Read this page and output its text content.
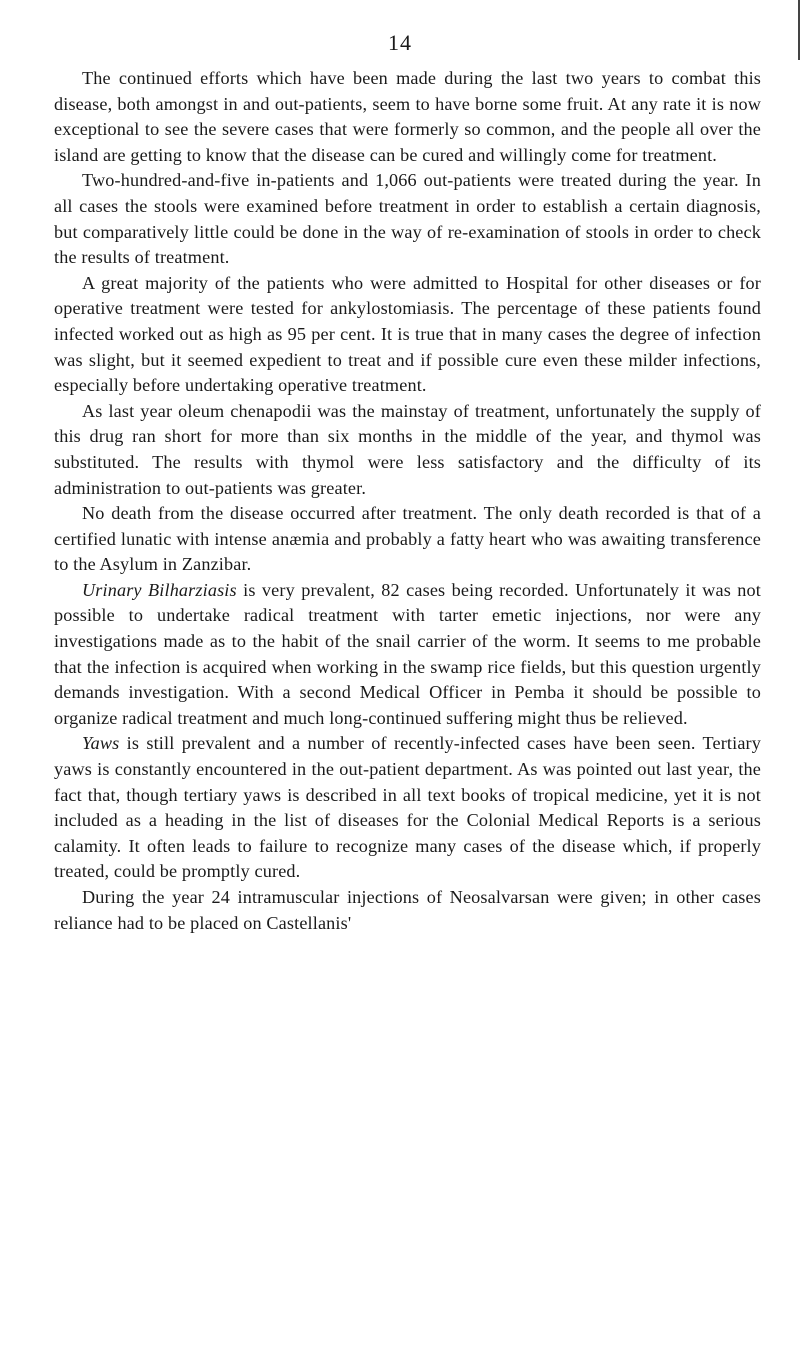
14

The continued efforts which have been made during the last two years to combat this disease, both amongst in and out-patients, seem to have borne some fruit. At any rate it is now exceptional to see the severe cases that were formerly so common, and the people all over the island are getting to know that the disease can be cured and willingly come for treatment.

Two-hundred-and-five in-patients and 1,066 out-patients were treated during the year. In all cases the stools were examined before treatment in order to establish a certain diagnosis, but comparatively little could be done in the way of re-examination of stools in order to check the results of treatment.

A great majority of the patients who were admitted to Hospital for other diseases or for operative treatment were tested for ankylostomiasis. The percentage of these patients found infected worked out as high as 95 per cent. It is true that in many cases the degree of infection was slight, but it seemed expedient to treat and if possible cure even these milder infections, especially before undertaking operative treatment.

As last year oleum chenapodii was the mainstay of treatment, unfortunately the supply of this drug ran short for more than six months in the middle of the year, and thymol was substituted. The results with thymol were less satisfactory and the difficulty of its administration to out-patients was greater.

No death from the disease occurred after treatment. The only death recorded is that of a certified lunatic with intense anæmia and probably a fatty heart who was awaiting transference to the Asylum in Zanzibar.

Urinary Bilharziasis is very prevalent, 82 cases being recorded. Unfortunately it was not possible to undertake radical treatment with tarter emetic injections, nor were any investigations made as to the habit of the snail carrier of the worm. It seems to me probable that the infection is acquired when working in the swamp rice fields, but this question urgently demands investigation. With a second Medical Officer in Pemba it should be possible to organize radical treatment and much long-continued suffering might thus be relieved.

Yaws is still prevalent and a number of recently-infected cases have been seen. Tertiary yaws is constantly encountered in the out-patient department. As was pointed out last year, the fact that, though tertiary yaws is described in all text books of tropical medicine, yet it is not included as a heading in the list of diseases for the Colonial Medical Reports is a serious calamity. It often leads to failure to recognize many cases of the disease which, if properly treated, could be promptly cured.

During the year 24 intramuscular injections of Neosalvarsan were given; in other cases reliance had to be placed on Castellanis'
